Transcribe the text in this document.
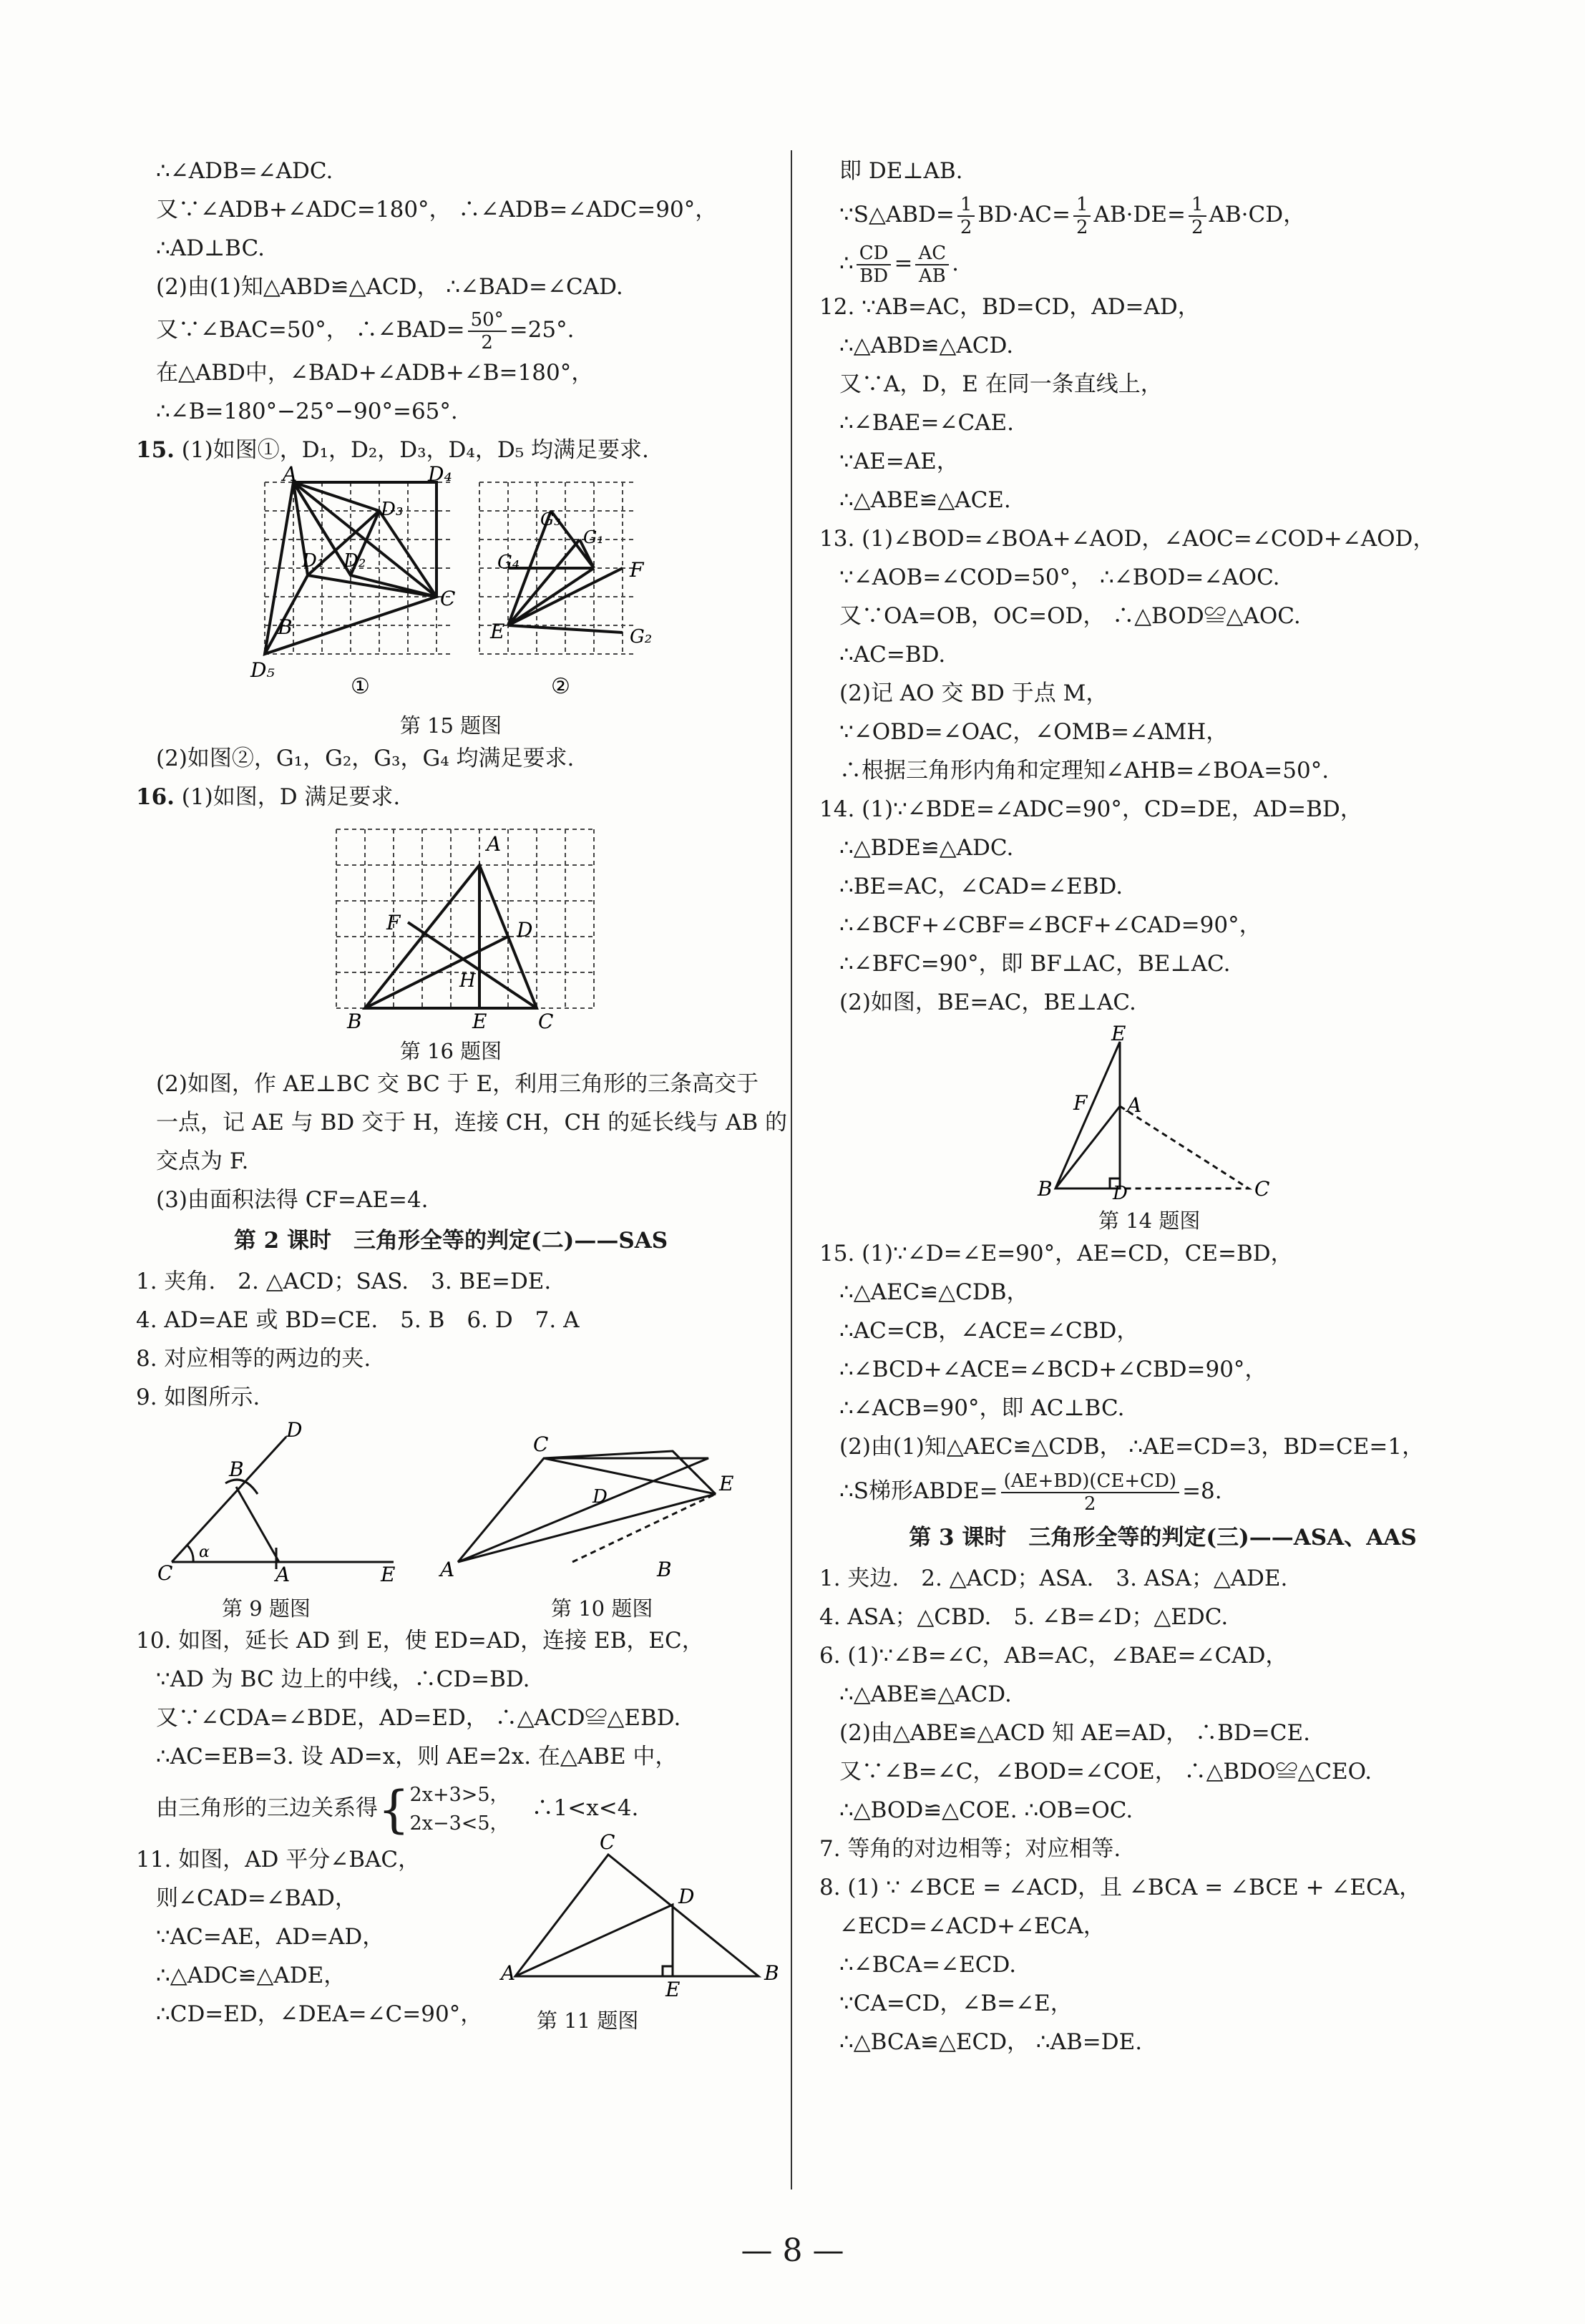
∴∠ADB=∠ADC.
又∵∠ADB+∠ADC=180°， ∴∠ADB=∠ADC=90°，
∴AD⊥BC.
(2)由(1)知△ABD≌△ACD， ∴∠BAD=∠CAD.
又∵∠BAC=50°， ∴∠BAD= $\frac{50^\circ}{2} =25^\circ$.
在△ABD中，∠BAD+∠ADB+∠B=180°，
∴∠B=180°−25°−90°=65°.
15. (1)如图①，D₁，D₂，D₃，D₄，D₅ 均满足要求.
A	D₄
D₃
D₁ D₂
C
B
D₅
E
F
G₂
G₄
G₃
G₁
①	②
第 15 题图
(2)如图②，G₁，G₂，G₃，G₄ 均满足要求.
16. (1)如图，D 满足要求.
A
F	D
H
B	E	C
第 16 题图
(2)如图，作 AE⊥BC 交 BC 于 E，利用三角形的三条高交于
一点，记 AE 与 BD 交于 H，连接 CH，CH 的延长线与 AB 的
交点为 F.
(3)由面积法得 CF=AE=4.
第 2 课时　三角形全等的判定(二)——SAS
1. 夹角.　2. △ACD；SAS.　3. BE=DE.
4. AD=AE 或 BD=CE.　5. B　6. D　7. A
8. 对应相等的两边的夹.
9. 如图所示.
C
α
A
B
D
E
C
D
E
A	B
第 9 题图	第 10 题图
10. 如图，延长 AD 到 E，使 ED=AD，连接 EB，EC，
∵AD 为 BC 边上的中线，∴CD=BD.
又∵∠CDA=∠BDE，AD=ED， ∴△ACD≌△EBD.
∴AC=EB=3. 设 AD=x，则 AE=2x. 在△ABE 中，
由三角形的三边关系得{ 2x+3>5，
2x−3<5，
　∴1<x<4.
11. 如图，AD 平分∠BAC，
则∠CAD=∠BAD，
∵AC=AE，AD=AD，
∴△ADC≌△ADE，
∴CD=ED，∠DEA=∠C=90°，
A
C
D
E
B
第 11 题图
即 DE⊥AB.
∵S△ABD= $\frac{1}{2} BD\cdot AC= \frac{1}{2} AB\cdot DE= \frac{1}{2} AB\cdot CD$，
∴ $\frac{CD}{BD} = \frac{AC}{AB}$ .
12. ∵AB=AC，BD=CD，AD=AD，
∴△ABD≌△ACD.
又∵A，D，E 在同一条直线上，
∴∠BAE=∠CAE.
∵AE=AE，
∴△ABE≌△ACE.
13. (1)∠BOD=∠BOA+∠AOD，∠AOC=∠COD+∠AOD，
∵∠AOB=∠COD=50°， ∴∠BOD=∠AOC.
又∵OA=OB，OC=OD， ∴△BOD≌△AOC.
∴AC=BD.
(2)记 AO 交 BD 于点 M，
∵∠OBD=∠OAC，∠OMB=∠AMH，
∴根据三角形内角和定理知∠AHB=∠BOA=50°.
14. (1)∵∠BDE=∠ADC=90°，CD=DE，AD=BD，
∴△BDE≌△ADC.
∴BE=AC，∠CAD=∠EBD.
∴∠BCF+∠CBF=∠BCF+∠CAD=90°，
∴∠BFC=90°，即 BF⊥AC，BE⊥AC.
(2)如图，BE=AC，BE⊥AC.
E
F A
B	D	C
第 14 题图
15. (1)∵∠D=∠E=90°，AE=CD，CE=BD，
∴△AEC≌△CDB，
∴AC=CB，∠ACE=∠CBD，
∴∠BCD+∠ACE=∠BCD+∠CBD=90°，
∴∠ACB=90°，即 AC⊥BC.
(2)由(1)知△AEC≌△CDB， ∴AE=CD=3，BD=CE=1，
∴S梯形ABDE= $\frac{(AE+BD)(CE+CD)}{2} =8$.
第 3 课时　三角形全等的判定(三)——ASA、AAS
1. 夹边.　2. △ACD；ASA.　3. ASA；△ADE.
4. ASA；△CBD.　5. ∠B=∠D；△EDC.
6. (1)∵∠B=∠C，AB=AC，∠BAE=∠CAD，
∴△ABE≌△ACD.
(2)由△ABE≌△ACD 知 AE=AD， ∴BD=CE.
又∵∠B=∠C，∠BOD=∠COE， ∴△BDO≌△CEO.
∴△BOD≌△COE. ∴OB=OC.
7. 等角的对边相等；对应相等.
8. (1) ∵ ∠BCE = ∠ACD，且 ∠BCA = ∠BCE + ∠ECA，
∠ECD=∠ACD+∠ECA，
∴∠BCA=∠ECD.
∵CA=CD，∠B=∠E，
∴△BCA≌△ECD， ∴AB=DE.
— 8 —
